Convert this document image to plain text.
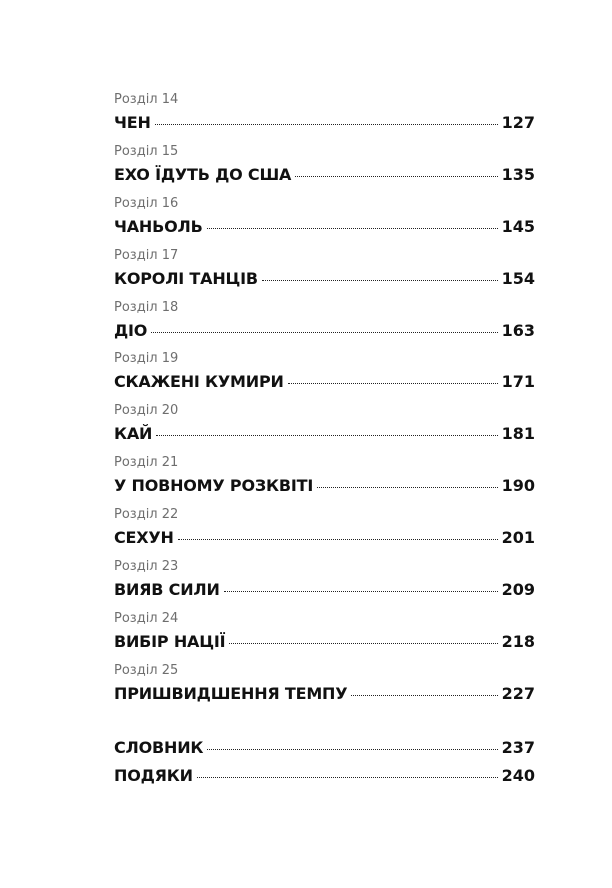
Розділ 14
ЧЕН	127
Розділ 15
EXO ЇДУТЬ ДО США	135
Розділ 16
ЧАНЬОЛЬ	145
Розділ 17
КОРОЛІ ТАНЦІВ	154
Розділ 18
ДІО	163
Розділ 19
СКАЖЕНІ КУМИРИ	171
Розділ 20
КАЙ	181
Розділ 21
У ПОВНОМУ РОЗКВІТІ	190
Розділ 22
СЕХУН	201
Розділ 23
ВИЯВ СИЛИ	209
Розділ 24
ВИБІР НАЦІЇ	218
Розділ 25
ПРИШВИДШЕННЯ ТЕМПУ	227
СЛОВНИК	237
ПОДЯКИ	240
